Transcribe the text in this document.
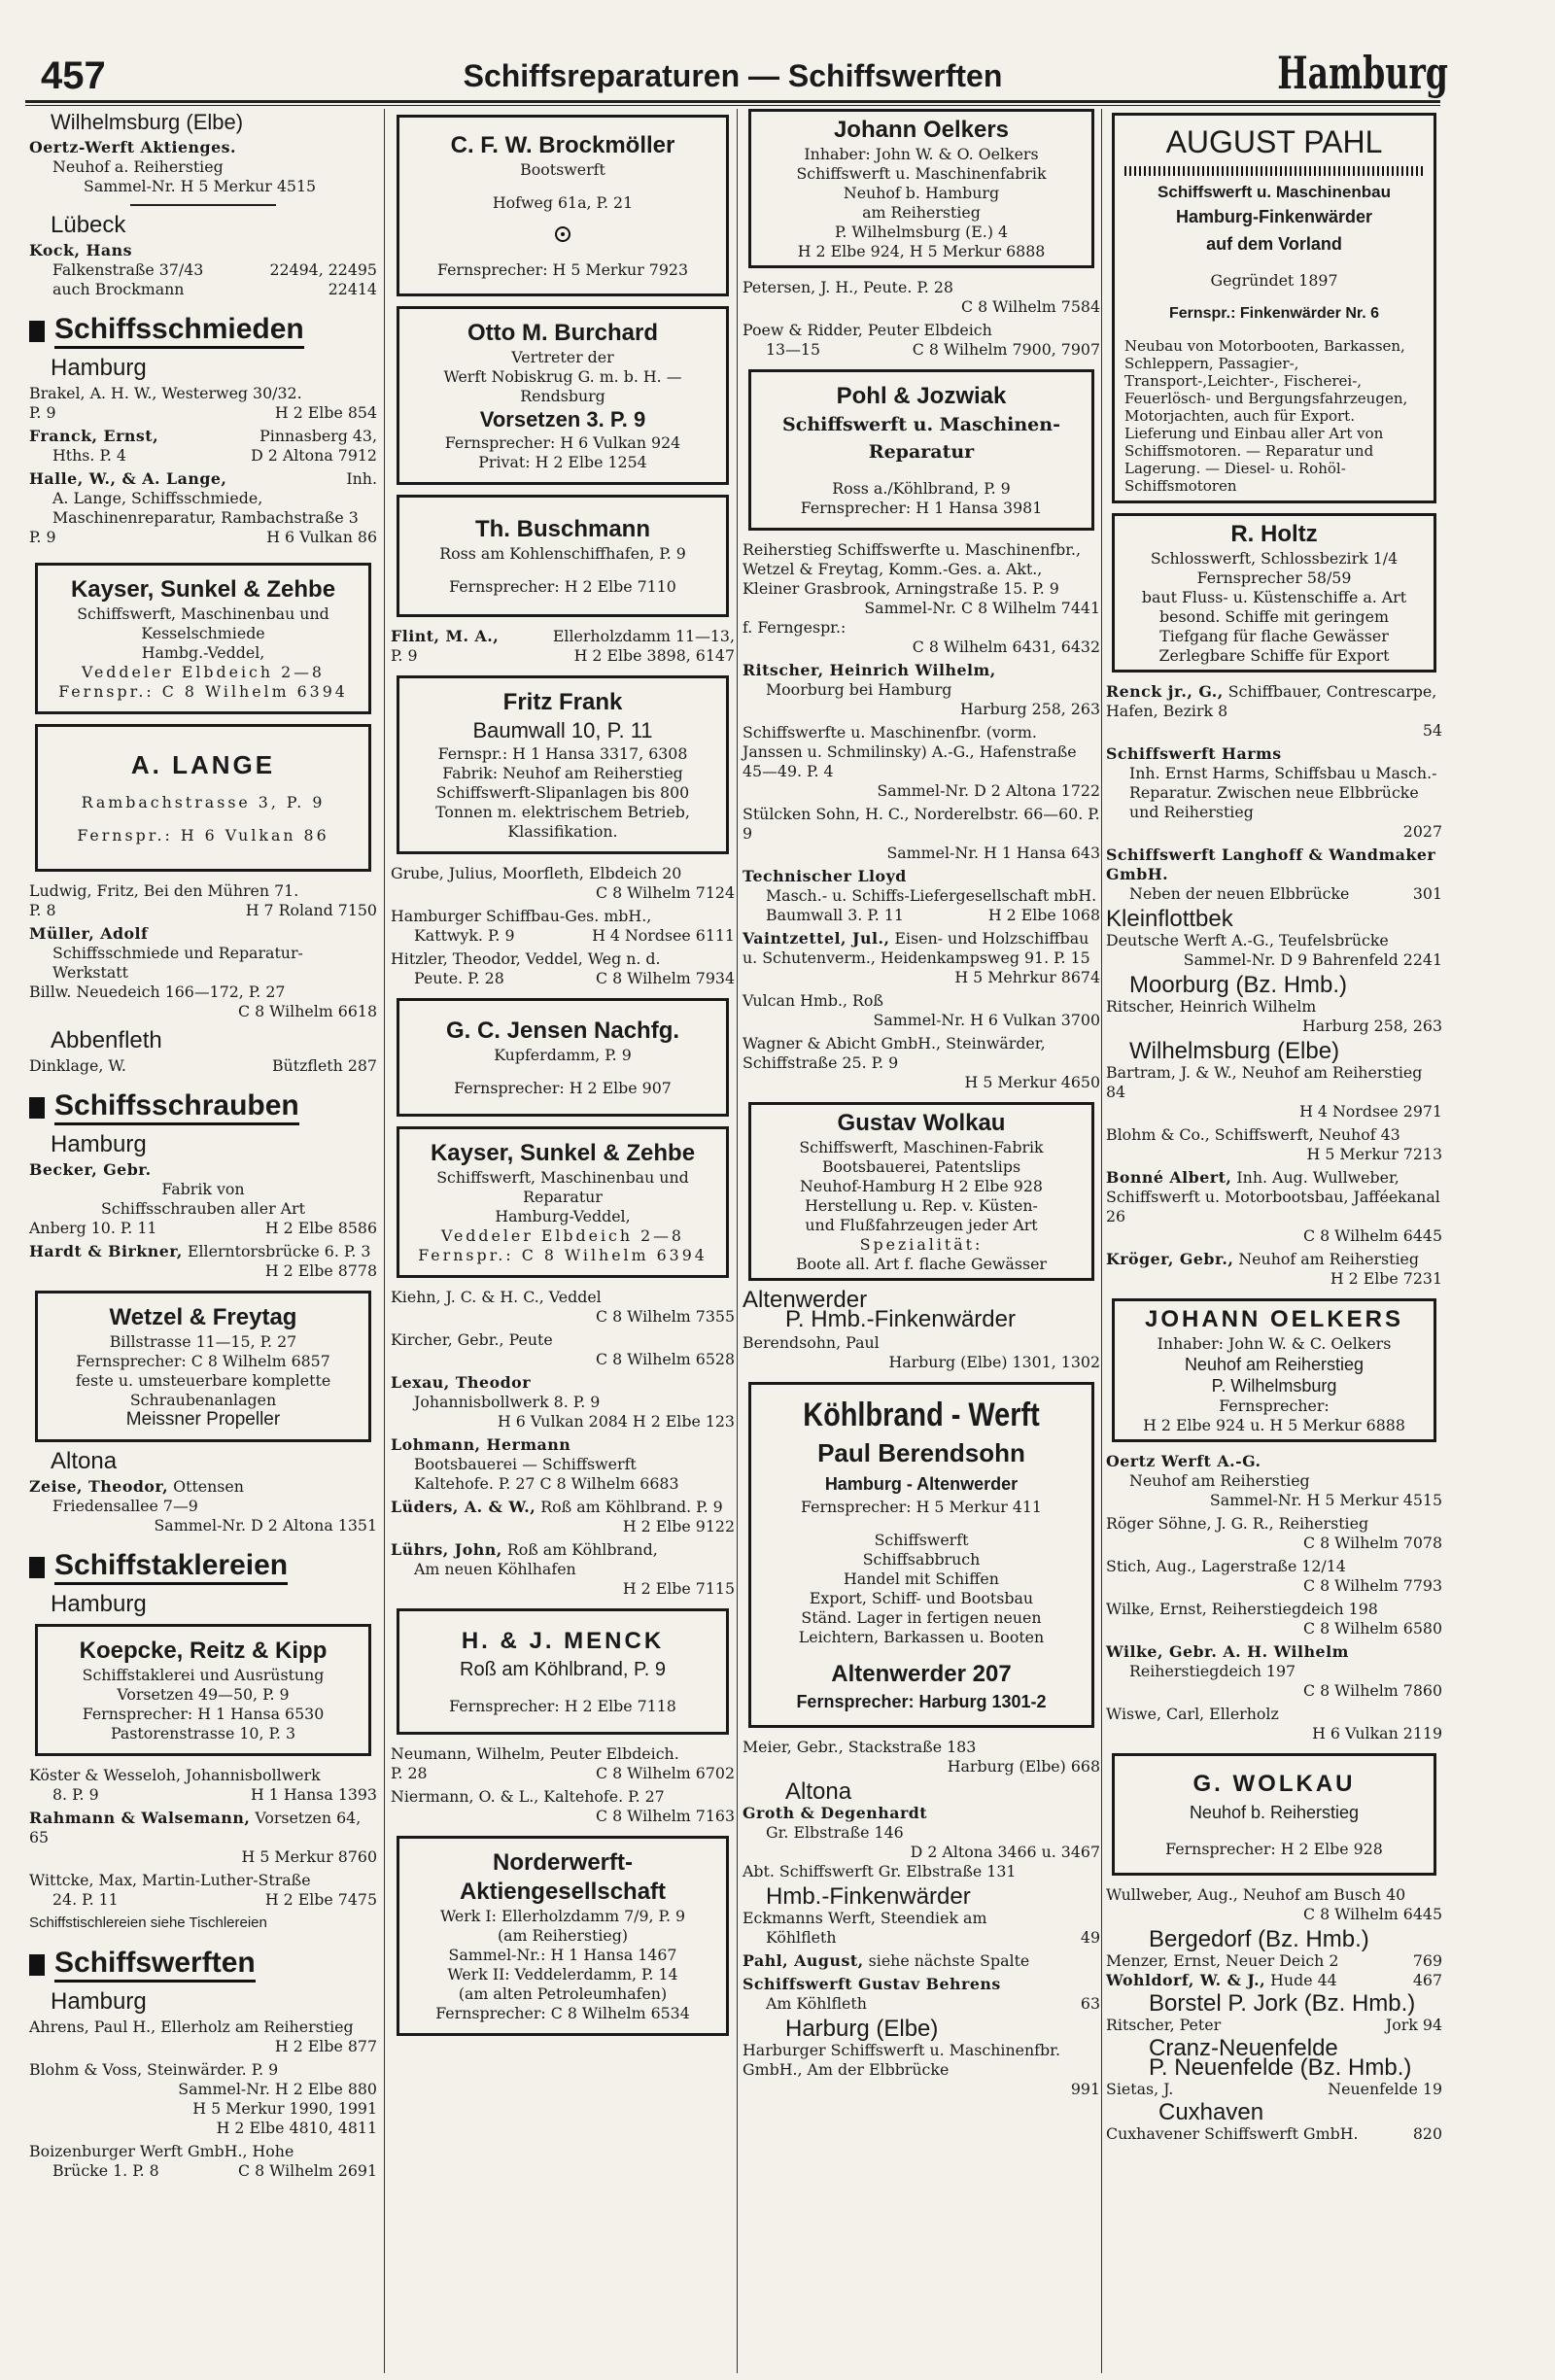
457	Schiffsreparaturen — Schiffswerften	Hamburg
Wilhelmsburg (Elbe)

Oertz-Werft Aktienges.

Neuhof a. Reiherstieg

Sammel-Nr. H 5 Merkur 4515

Lübeck

Kock, Hans

Falkenstraße 37/43	22494, 22495

auch Brockmann	22414

Schiffsschmieden
Hamburg

Brakel, A. H. W., Westerweg 30/32.

P. 9	H 2 Elbe 854

Franck, Ernst,	Pinnasberg 43,

Hths. P. 4	D 2 Altona 7912

Halle, W., & A. Lange,	Inh.

A. Lange, Schiffsschmiede, Maschinenreparatur, Rambachstraße 3

P. 9	H 6 Vulkan 86

Kayser, Sunkel & Zehbe

Schiffswerft, Maschinenbau und Kesselschmiede

Hambg.-Veddel,

Veddeler Elbdeich 2—8

Fernspr.: C 8 Wilhelm 6394

A. LANGE

Rambachstrasse 3, P. 9

Fernspr.: H 6 Vulkan 86

Ludwig, Fritz, Bei den Mühren 71.

P. 8	H 7 Roland 7150

Müller, Adolf

Schiffsschmiede und Reparatur-Werkstatt

Billw. Neuedeich 166—172, P. 27

C 8 Wilhelm 6618

Abbenfleth

Dinklage, W.	Bützfleth 287

Schiffsschrauben
Hamburg

Becker, Gebr.

Fabrik von

Schiffsschrauben aller Art

Anberg 10. P. 11	H 2 Elbe 8586

Hardt & Birkner, Ellerntorsbrücke 6. P. 3

H 2 Elbe 8778

Wetzel & Freytag

Billstrasse 11—15, P. 27

Fernsprecher: C 8 Wilhelm 6857

feste u. umsteuerbare komplette Schraubenanlagen

Meissner Propeller

Altona

Zeise, Theodor, Ottensen

Friedensallee 7—9

Sammel-Nr. D 2 Altona 1351

Schiffstaklereien
Hamburg
Koepcke, Reitz & Kipp

Schiffstaklerei und Ausrüstung

Vorsetzen 49—50, P. 9

Fernsprecher: H 1 Hansa 6530

Pastorenstrasse 10, P. 3

Köster & Wesseloh, Johannisbollwerk

8. P. 9	H 1 Hansa 1393

Rahmann & Walsemann, Vorsetzen 64, 65

H 5 Merkur 8760

Wittcke, Max, Martin-Luther-Straße

24. P. 11	H 2 Elbe 7475

Schiffstischlereien siehe Tischlereien

Schiffswerften
Hamburg

Ahrens, Paul H., Ellerholz am Reiherstieg

H 2 Elbe 877

Blohm & Voss, Steinwärder. P. 9

Sammel-Nr. H 2 Elbe 880

H 5 Merkur 1990, 1991

H 2 Elbe 4810, 4811

Boizenburger Werft GmbH., Hohe

Brücke 1. P. 8	C 8 Wilhelm 2691

C. F. W. Brockmöller

Bootswerft

Hofweg 61a, P. 21

Fernsprecher: H 5 Merkur 7923

Otto M. Burchard

Vertreter der

Werft Nobiskrug G. m. b. H. —

Rendsburg

Vorsetzen 3. P. 9

Fernsprecher: H 6 Vulkan 924

Privat: H 2 Elbe 1254

Th. Buschmann

Ross am Kohlenschiffhafen, P. 9

Fernsprecher: H 2 Elbe 7110

Flint, M. A.,	Ellerholzdamm 11—13,

P. 9	H 2 Elbe 3898, 6147

Fritz Frank

Baumwall 10, P. 11

Fernspr.: H 1 Hansa 3317, 6308

Fabrik: Neuhof am Reiherstieg

Schiffswerft-Slipanlagen bis 800

Tonnen m. elektrischem Betrieb,

Klassifikation.

Grube, Julius, Moorfleth, Elbdeich 20

C 8 Wilhelm 7124

Hamburger Schiffbau-Ges. mbH.,

Kattwyk. P. 9	H 4 Nordsee 6111

Hitzler, Theodor, Veddel, Weg n. d.

Peute. P. 28	C 8 Wilhelm 7934

G. C. Jensen Nachfg.

Kupferdamm, P. 9

Fernsprecher: H 2 Elbe 907

Kayser, Sunkel & Zehbe

Schiffswerft, Maschinenbau und Reparatur

Hamburg-Veddel,

Veddeler Elbdeich 2—8

Fernspr.: C 8 Wilhelm 6394

Kiehn, J. C. & H. C., Veddel

C 8 Wilhelm 7355

Kircher, Gebr., Peute

C 8 Wilhelm 6528

Lexau, Theodor

Johannisbollwerk 8. P. 9

H 6 Vulkan 2084 H 2 Elbe 123

Lohmann, Hermann

Bootsbauerei — Schiffswerft

Kaltehofe. P. 27 C 8 Wilhelm 6683

Lüders, A. & W., Roß am Köhlbrand. P. 9

H 2 Elbe 9122

Lührs, John, Roß am Köhlbrand,

Am neuen Köhlhafen

H 2 Elbe 7115

H. & J. MENCK

Roß am Köhlbrand, P. 9

Fernsprecher: H 2 Elbe 7118

Neumann, Wilhelm, Peuter Elbdeich.

P. 28	C 8 Wilhelm 6702

Niermann, O. & L., Kaltehofe. P. 27

C 8 Wilhelm 7163

Norderwerft-Aktiengesellschaft

Werk I: Ellerholzdamm 7/9, P. 9

(am Reiherstieg)

Sammel-Nr.: H 1 Hansa 1467

Werk II: Veddelerdamm, P. 14

(am alten Petroleumhafen)

Fernsprecher: C 8 Wilhelm 6534

Johann Oelkers

Inhaber: John W. & O. Oelkers

Schiffswerft u. Maschinenfabrik

Neuhof b. Hamburg

am Reiherstieg

P. Wilhelmsburg (E.) 4

H 2 Elbe 924, H 5 Merkur 6888

Petersen, J. H., Peute. P. 28

C 8 Wilhelm 7584

Poew & Ridder, Peuter Elbdeich

13—15	C 8 Wilhelm 7900, 7907

Pohl & Jozwiak

Schiffswerft u. Maschinen-Reparatur

Ross a./Köhlbrand, P. 9

Fernsprecher: H 1 Hansa 3981

Reiherstieg Schiffswerfte u. Maschinenfbr., Wetzel & Freytag, Komm.-Ges. a. Akt., Kleiner Grasbrook, Arningstraße 15. P. 9

Sammel-Nr. C 8 Wilhelm 7441

f. Ferngespr.:

C 8 Wilhelm 6431, 6432

Ritscher, Heinrich Wilhelm,

Moorburg bei Hamburg

Harburg 258, 263

Schiffswerfte u. Maschinenfbr. (vorm. Janssen u. Schmilinsky) A.-G., Hafenstraße 45—49. P. 4

Sammel-Nr. D 2 Altona 1722

Stülcken Sohn, H. C., Norderelbstr. 66—60. P. 9

Sammel-Nr. H 1 Hansa 643

Technischer Lloyd

Masch.- u. Schiffs-Liefergesellschaft mbH.

Baumwall 3. P. 11	H 2 Elbe 1068

Vaintzettel, Jul., Eisen- und Holzschiffbau u. Schutenverm., Heidenkampsweg 91. P. 15

H 5 Mehrkur 8674

Vulcan Hmb., Roß

Sammel-Nr. H 6 Vulkan 3700

Wagner & Abicht GmbH., Steinwärder, Schiffstraße 25. P. 9

H 5 Merkur 4650

Gustav Wolkau

Schiffswerft, Maschinen-Fabrik

Bootsbauerei, Patentslips

Neuhof-Hamburg H 2 Elbe 928

Herstellung u. Rep. v. Küsten-

und Flußfahrzeugen jeder Art

Spezialität:

Boote all. Art f. flache Gewässer

Altenwerder
P. Hmb.-Finkenwärder

Berendsohn, Paul

Harburg (Elbe) 1301, 1302

Köhlbrand - Werft

Paul Berendsohn

Hamburg - Altenwerder

Fernsprecher: H 5 Merkur 411

Schiffswerft

Schiffsabbruch

Handel mit Schiffen

Export, Schiff- und Bootsbau

Ständ. Lager in fertigen neuen

Leichtern, Barkassen u. Booten

Altenwerder 207

Fernsprecher: Harburg 1301-2

Meier, Gebr., Stackstraße 183

Harburg (Elbe) 668

Altona

Groth & Degenhardt

Gr. Elbstraße 146

D 2 Altona 3466 u. 3467

Abt. Schiffswerft Gr. Elbstraße 131

Hmb.-Finkenwärder

Eckmanns Werft, Steendiek am

Köhlfleth	49

Pahl, August, siehe nächste Spalte

Schiffswerft Gustav Behrens

Am Köhlfleth	63

Harburg (Elbe)

Harburger Schiffswerft u. Maschinenfbr. GmbH., Am der Elbbrücke

991

AUGUST PAHL

Schiffswerft u. Maschinenbau

Hamburg-Finkenwärder

auf dem Vorland

Gegründet 1897

Fernspr.: Finkenwärder Nr. 6

Neubau von Motorbooten, Barkassen, Schleppern, Passagier-, Transport-,Leichter-, Fischerei-, Feuerlösch- und Bergungsfahrzeugen, Motorjachten, auch für Export. Lieferung und Einbau aller Art von Schiffsmotoren. — Reparatur und Lagerung. — Diesel- u. Rohöl-Schiffsmotoren

R. Holtz

Schlosswerft, Schlossbezirk 1/4

Fernsprecher 58/59

baut Fluss- u. Küstenschiffe a. Art besond. Schiffe mit geringem Tiefgang für flache Gewässer

Zerlegbare Schiffe für Export

Renck jr., G., Schiffbauer, Contrescarpe, Hafen, Bezirk 8

54

Schiffswerft Harms

Inh. Ernst Harms, Schiffsbau u Masch.-Reparatur. Zwischen neue Elbbrücke und Reiherstieg

2027

Schiffswerft Langhoff & Wandmaker GmbH.

Neben der neuen Elbbrücke	301

Kleinflottbek

Deutsche Werft A.-G., Teufelsbrücke

Sammel-Nr. D 9 Bahrenfeld 2241

Moorburg (Bz. Hmb.)

Ritscher, Heinrich Wilhelm

Harburg 258, 263

Wilhelmsburg (Elbe)

Bartram, J. & W., Neuhof am Reiherstieg 84

H 4 Nordsee 2971

Blohm & Co., Schiffswerft, Neuhof 43

H 5 Merkur 7213

Bonné Albert, Inh. Aug. Wullweber, Schiffswerft u. Motorbootsbau, Jafféekanal 26

C 8 Wilhelm 6445

Kröger, Gebr., Neuhof am Reiherstieg

H 2 Elbe 7231

JOHANN OELKERS

Inhaber: John W. & C. Oelkers

Neuhof am Reiherstieg

P. Wilhelmsburg

Fernsprecher:

H 2 Elbe 924 u. H 5 Merkur 6888

Oertz Werft A.-G.

Neuhof am Reiherstieg

Sammel-Nr. H 5 Merkur 4515

Röger Söhne, J. G. R., Reiherstieg

C 8 Wilhelm 7078

Stich, Aug., Lagerstraße 12/14

C 8 Wilhelm 7793

Wilke, Ernst, Reiherstiegdeich 198

C 8 Wilhelm 6580

Wilke, Gebr. A. H. Wilhelm

Reiherstiegdeich 197

C 8 Wilhelm 7860

Wiswe, Carl, Ellerholz

H 6 Vulkan 2119

G. WOLKAU

Neuhof b. Reiherstieg

Fernsprecher: H 2 Elbe 928

Wullweber, Aug., Neuhof am Busch 40

C 8 Wilhelm 6445

Bergedorf (Bz. Hmb.)

Menzer, Ernst, Neuer Deich 2	769

Wohldorf, W. & J., Hude 44	467

Borstel P. Jork (Bz. Hmb.)

Ritscher, Peter	Jork 94

Cranz-Neuenfelde
P. Neuenfelde (Bz. Hmb.)

Sietas, J.	Neuenfelde 19

Cuxhaven

Cuxhavener Schiffswerft GmbH.	820
